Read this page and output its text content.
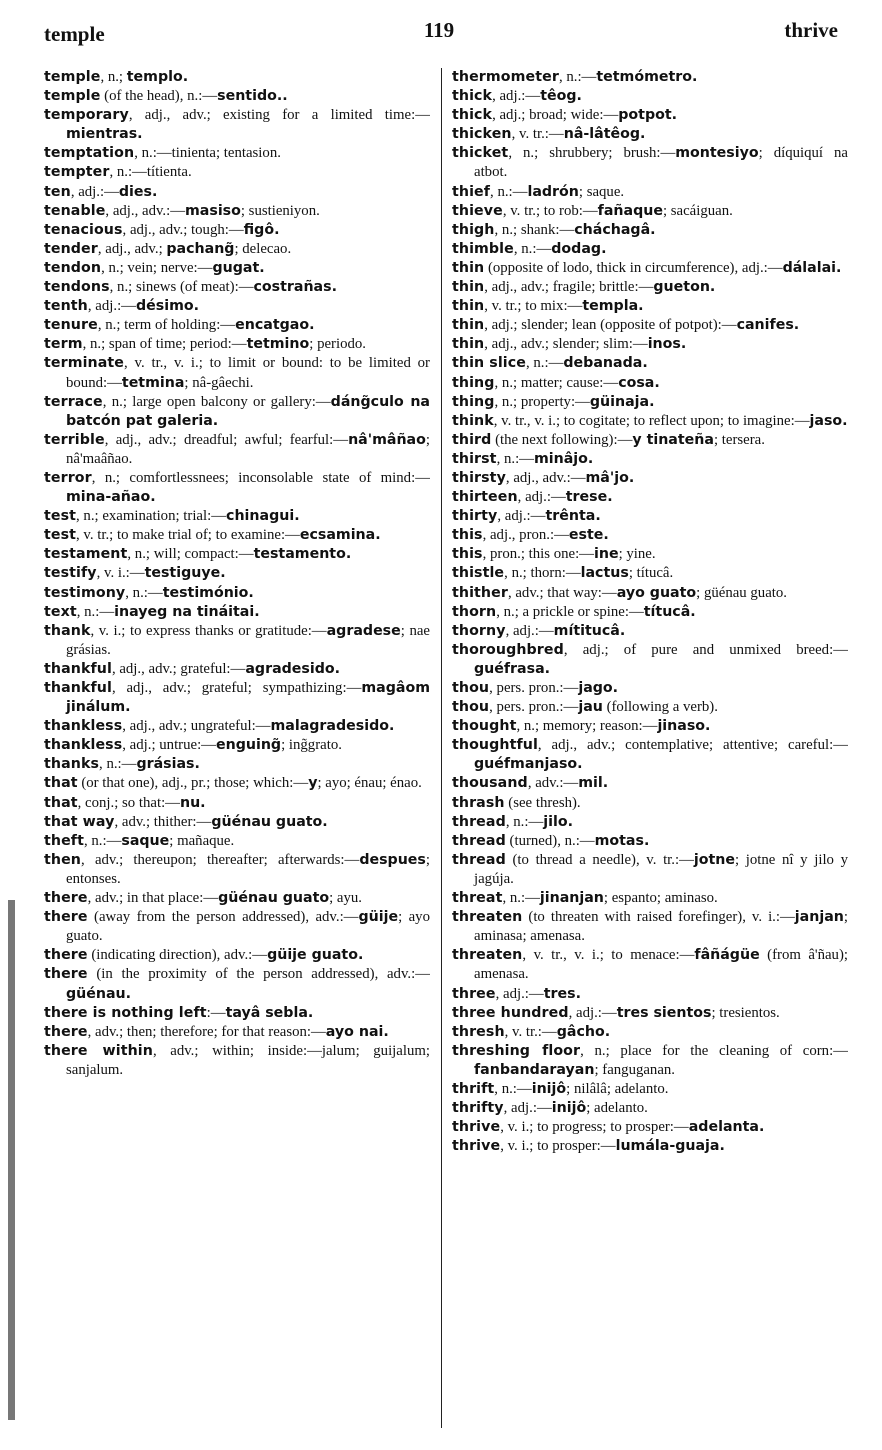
temple	119	thrive

temple, n.; templo.

temple (of the head), n.:—sentido..

temporary, adj., adv.; existing for a limited time:—mientras.

temptation, n.:—tinienta; tentasion.

tempter, n.:—títienta.

ten, adj.:—dies.

tenable, adj., adv.:—masiso; sustieniyon.

tenacious, adj., adv.; tough:—figô.

tender, adj., adv.; pachang̃; delecao.

tendon, n.; vein; nerve:—gugat.

tendons, n.; sinews (of meat):—costrañas.

tenth, adj.:—désimo.

tenure, n.; term of holding:—encatgao.

term, n.; span of time; period:—tetmino; periodo.

terminate, v. tr., v. i.; to limit or bound: to be limited or bound:—tetmina; nâ-gâechi.

terrace, n.; large open balcony or gallery:—dáng̃culo na batcón pat galeria.

terrible, adj., adv.; dreadful; awful; fearful:—nâ'mâñao; nâ'maâñao.

terror, n.; comfortlessnees; inconsolable state of mind:—mina-añao.

test, n.; examination; trial:—chinagui.

test, v. tr.; to make trial of; to examine:—ecsamina.

testament, n.; will; compact:—testamento.

testify, v. i.:—testiguye.

testimony, n.:—testimónio.

text, n.:—inayeg na tináitai.

thank, v. i.; to express thanks or gratitude:—agradese; nae grásias.

thankful, adj., adv.; grateful:—agradesido.

thankful, adj., adv.; grateful; sympathizing:—magâom jinálum.

thankless, adj., adv.; ungrateful:—malagradesido.

thankless, adj.; untrue:—enguing̃; ing̃grato.

thanks, n.:—grásias.

that (or that one), adj., pr.; those; which:—y; ayo; énau; énao.

that, conj.; so that:—nu.

that way, adv.; thither:—güénau guato.

theft, n.:—saque; mañaque.

then, adv.; thereupon; thereafter; afterwards:—despues; entonses.

there, adv.; in that place:—güénau guato; ayu.

there (away from the person addressed), adv.:—güije; ayo guato.

there (indicating direction), adv.:—güije guato.

there (in the proximity of the person addressed), adv.:—güénau.

there is nothing left:—tayâ sebla.

there, adv.; then; therefore; for that reason:—ayo nai.

there within, adv.; within; inside:—jalum; guijalum; sanjalum.

thermometer, n.:—tetmómetro.

thick, adj.:—têog.

thick, adj.; broad; wide:—potpot.

thicken, v. tr.:—nâ-lâtêog.

thicket, n.; shrubbery; brush:—montesiyo; díquiquí na atbot.

thief, n.:—ladrón; saque.

thieve, v. tr.; to rob:—fañaque; sacáiguan.

thigh, n.; shank:—cháchagâ.

thimble, n.:—dodag.

thin (opposite of lodo, thick in circumference), adj.:—dálalai.

thin, adj., adv.; fragile; brittle:—gueton.

thin, v. tr.; to mix:—templa.

thin, adj.; slender; lean (opposite of potpot):—canifes.

thin, adj., adv.; slender; slim:—inos.

thin slice, n.:—debanada.

thing, n.; matter; cause:—cosa.

thing, n.; property:—güinaja.

think, v. tr., v. i.; to cogitate; to reflect upon; to imagine:—jaso.

third (the next following):—y tinateña; tersera.

thirst, n.:—minâjo.

thirsty, adj., adv.:—mâ'jo.

thirteen, adj.:—trese.

thirty, adj.:—trênta.

this, adj., pron.:—este.

this, pron.; this one:—ine; yine.

thistle, n.; thorn:—lactus; títucâ.

thither, adv.; that way:—ayo guato; güénau guato.

thorn, n.; a prickle or spine:—títucâ.

thorny, adj.:—mítitucâ.

thoroughbred, adj.; of pure and unmixed breed:—guéfrasa.

thou, pers. pron.:—jago.

thou, pers. pron.:—jau (following a verb).

thought, n.; memory; reason:—jinaso.

thoughtful, adj., adv.; contemplative; attentive; careful:—guéfmanjaso.

thousand, adv.:—mil.

thrash (see thresh).

thread, n.:—jilo.

thread (turned), n.:—motas.

thread (to thread a needle), v. tr.:—jotne; jotne nî y jilo y jagúja.

threat, n.:—jinanjan; espanto; aminaso.

threaten (to threaten with raised forefinger), v. i.:—janjan; aminasa; amenasa.

threaten, v. tr., v. i.; to menace:—fâñágüe (from â'ñau); amenasa.

three, adj.:—tres.

three hundred, adj.:—tres sientos; tresientos.

thresh, v. tr.:—gâcho.

threshing floor, n.; place for the cleaning of corn:—fanbandarayan; fanguganan.

thrift, n.:—inijô; nilâlâ; adelanto.

thrifty, adj.:—inijô; adelanto.

thrive, v. i.; to progress; to prosper:—adelanta.

thrive, v. i.; to prosper:—lumála-guaja.
